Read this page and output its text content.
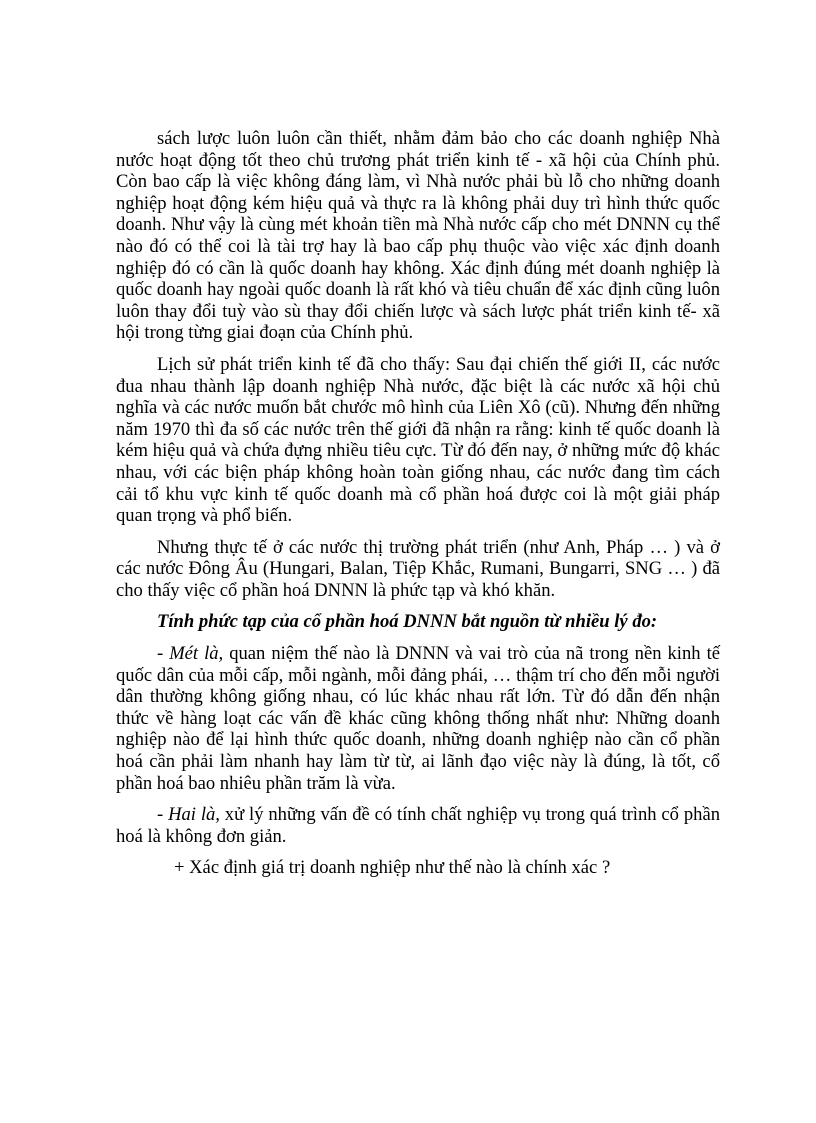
sách lược luôn luôn cần thiết, nhằm đảm bảo cho các doanh nghiệp Nhà nước hoạt động tốt theo chủ trương phát triển kinh tế - xã hội của Chính phủ. Còn bao cấp là việc không đáng làm, vì Nhà nước phải bù lỗ cho những doanh nghiệp hoạt động kém hiệu quả và thực ra là không phải duy trì hình thức quốc doanh. Như vậy là cùng mét khoản tiền mà Nhà nước cấp cho mét DNNN cụ thể nào đó có thể coi là tài trợ hay là bao cấp phụ thuộc vào việc xác định doanh nghiệp đó có cần là quốc doanh hay không. Xác định đúng mét doanh nghiệp là quốc doanh hay ngoài quốc doanh là rất khó và tiêu chuẩn để xác định cũng luôn luôn thay đổi tuỳ vào sù thay đổi chiến lược và sách lược phát triển kinh tế- xã hội trong từng giai đoạn của Chính phủ.

Lịch sử phát triển kinh tế đã cho thấy: Sau đại chiến thế giới II, các nước đua nhau thành lập doanh nghiệp Nhà nước, đặc biệt là các nước xã hội chủ nghĩa và các nước muốn bắt chước mô hình của Liên Xô (cũ). Nhưng đến những năm 1970 thì đa số các nước trên thế giới đã nhận ra rằng: kinh tế quốc doanh là kém hiệu quả và chứa đựng nhiều tiêu cực. Từ đó đến nay, ở những mức độ khác nhau, với các biện pháp không hoàn toàn giống nhau, các nước đang tìm cách cải tổ khu vực kinh tế quốc doanh mà cổ phần hoá được coi là một giải pháp quan trọng và phổ biến.

Nhưng thực tế ở các nước thị trường phát triển (như Anh, Pháp … ) và ở các nước Đông Âu (Hungari, Balan, Tiệp Khắc, Rumani, Bungarri, SNG … ) đã cho thấy việc cổ phần hoá DNNN là phức tạp và khó khăn.

Tính phức tạp của cổ phần hoá DNNN bắt nguồn từ nhiều lý đo:

- Mét là, quan niệm thế nào là DNNN và vai trò của nã trong nền kinh tế quốc dân của mỗi cấp, mỗi ngành, mỗi đảng phái, … thậm trí cho đến mỗi người dân thường không giống nhau, có lúc khác nhau rất lớn. Từ đó dẫn đến nhận thức về hàng loạt các vấn đề khác cũng không thống nhất như: Những doanh nghiệp nào để lại hình thức quốc doanh, những doanh nghiệp nào cần cổ phần hoá cần phải làm nhanh hay làm từ từ, ai lãnh đạo việc này là đúng, là tốt, cổ phần hoá bao nhiêu phần trăm là vừa.

- Hai là, xử lý những vấn đề có tính chất nghiệp vụ trong quá trình cổ phần hoá là không đơn giản.

+ Xác định giá trị doanh nghiệp như thế nào là chính xác ?
